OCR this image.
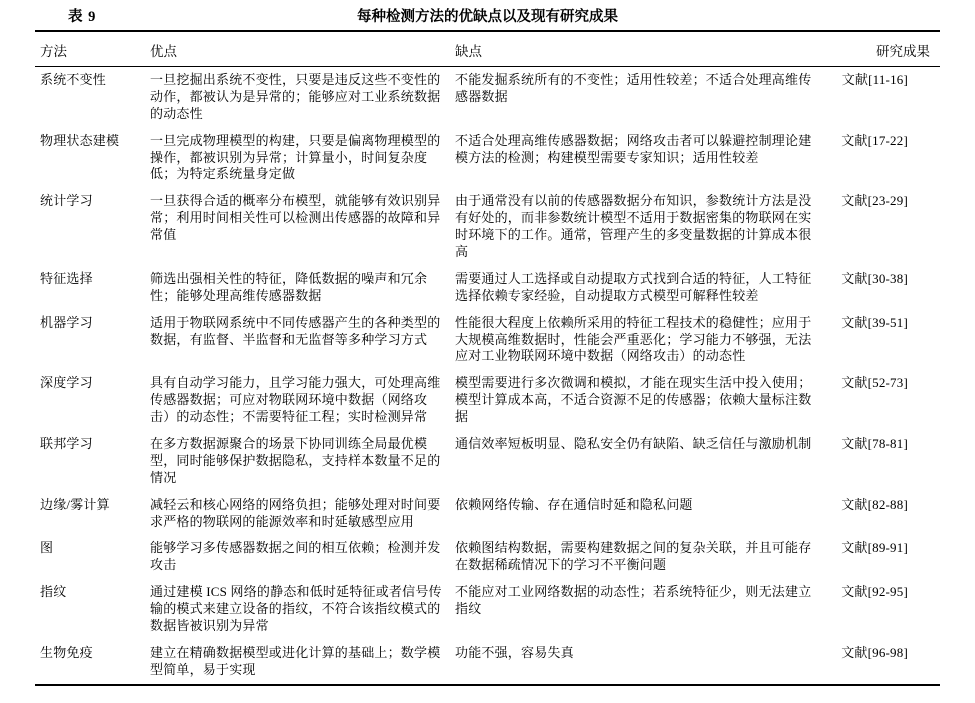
表 9	每种检测方法的优缺点以及现有研究成果
方法	优点	缺点	研究成果
系统不变性	一旦挖掘出系统不变性，只要是违反这些不变性的动作，都被认为是异常的；能够应对工业系统数据的动态性	不能发掘系统所有的不变性；适用性较差；不适合处理高维传感器数据	文献[11-16]
物理状态建模	一旦完成物理模型的构建，只要是偏离物理模型的操作，都被识别为异常；计算量小，时间复杂度低；为特定系统量身定做	不适合处理高维传感器数据；网络攻击者可以躲避控制理论建模方法的检测；构建模型需要专家知识；适用性较差	文献[17-22]
统计学习	一旦获得合适的概率分布模型，就能够有效识别异常；利用时间相关性可以检测出传感器的故障和异常值	由于通常没有以前的传感器数据分布知识，参数统计方法是没有好处的，而非参数统计模型不适用于数据密集的物联网在实时环境下的工作。通常，管理产生的多变量数据的计算成本很高	文献[23-29]
特征选择	筛选出强相关性的特征，降低数据的噪声和冗余性；能够处理高维传感器数据	需要通过人工选择或自动提取方式找到合适的特征，人工特征选择依赖专家经验，自动提取方式模型可解释性较差	文献[30-38]
机器学习	适用于物联网系统中不同传感器产生的各种类型的数据，有监督、半监督和无监督等多种学习方式	性能很大程度上依赖所采用的特征工程技术的稳健性；应用于大规模高维数据时，性能会严重恶化；学习能力不够强，无法应对工业物联网环境中数据（网络攻击）的动态性	文献[39-51]
深度学习	具有自动学习能力，且学习能力强大，可处理高维传感器数据；可应对物联网环境中数据（网络攻击）的动态性；不需要特征工程；实时检测异常	模型需要进行多次微调和模拟，才能在现实生活中投入使用；模型计算成本高，不适合资源不足的传感器；依赖大量标注数据	文献[52-73]
联邦学习	在多方数据源聚合的场景下协同训练全局最优模型，同时能够保护数据隐私，支持样本数量不足的情况	通信效率短板明显、隐私安全仍有缺陷、缺乏信任与激励机制	文献[78-81]
边缘/雾计算	减轻云和核心网络的网络负担；能够处理对时间要求严格的物联网的能源效率和时延敏感型应用	依赖网络传输、存在通信时延和隐私问题	文献[82-88]
图	能够学习多传感器数据之间的相互依赖；检测并发攻击	依赖图结构数据，需要构建数据之间的复杂关联，并且可能存在数据稀疏情况下的学习不平衡问题	文献[89-91]
指纹	通过建模 ICS 网络的静态和低时延特征或者信号传输的模式来建立设备的指纹，不符合该指纹模式的数据皆被识别为异常	不能应对工业网络数据的动态性；若系统特征少，则无法建立指纹	文献[92-95]
生物免疫	建立在精确数据模型或进化计算的基础上；数学模型简单，易于实现	功能不强，容易失真	文献[96-98]
